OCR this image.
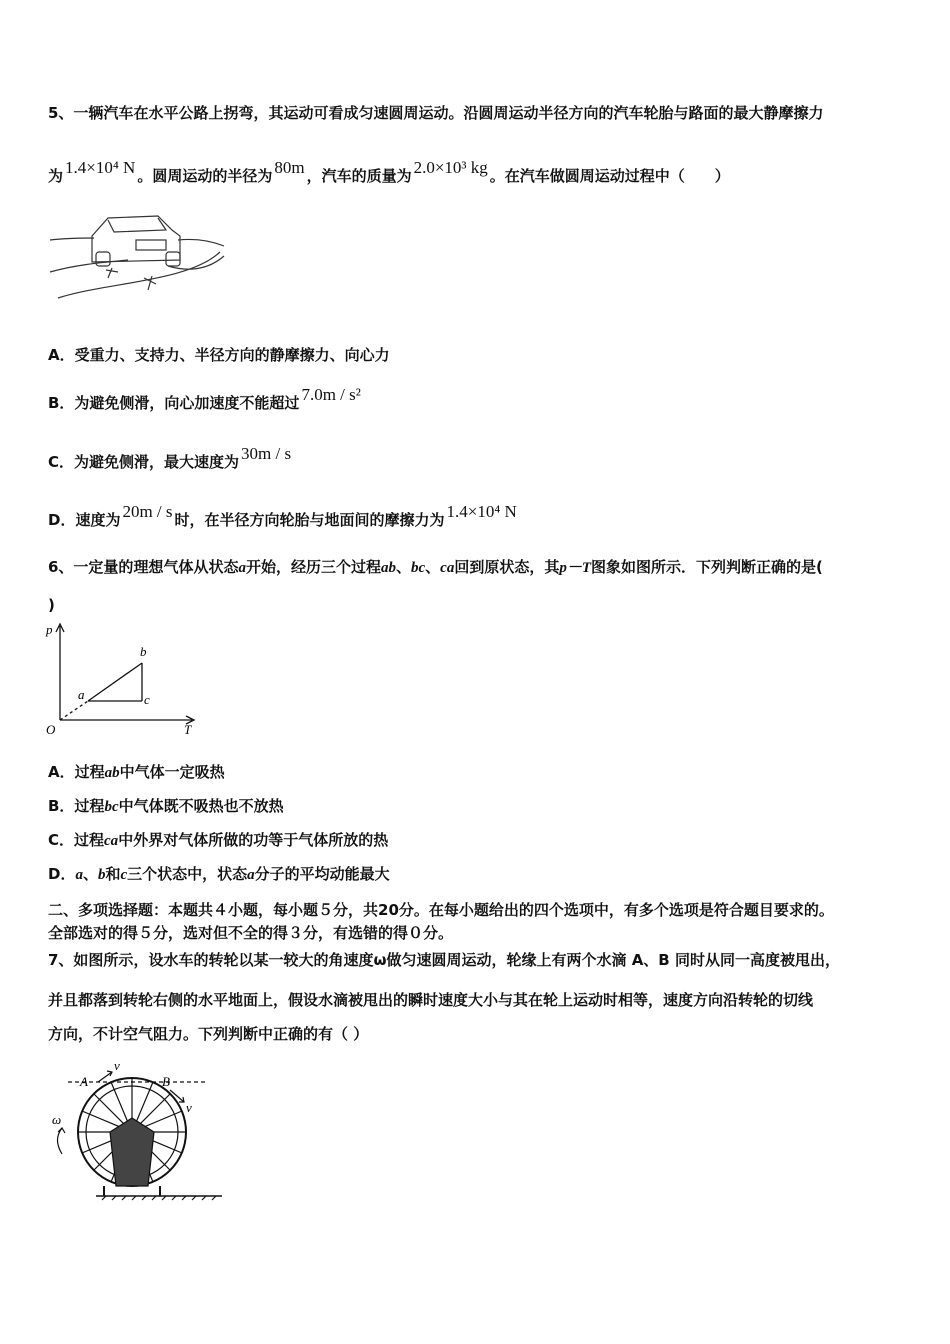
5、一辆汽车在水平公路上拐弯，其运动可看成匀速圆周运动。沿圆周运动半径方向的汽车轮胎与路面的最大静摩擦力
为 1.4×10⁴ N 。圆周运动的半径为 80m ，汽车的质量为 2.0×10³ kg 。在汽车做圆周运动过程中（　　）
A．受重力、支持力、半径方向的静摩擦力、向心力
B．为避免侧滑，向心加速度不能超过 7.0m / s²
C．为避免侧滑，最大速度为 30m / s
D．速度为 20m / s 时，在半径方向轮胎与地面间的摩擦力为 1.4×10⁴ N
6、一定量的理想气体从状态a开始，经历三个过程ab、bc、ca回到原状态，其p－T图象如图所示．下列判断正确的是(
)
p
T
O
a
b
c
A．过程ab中气体一定吸热
B．过程bc中气体既不吸热也不放热
C．过程ca中外界对气体所做的功等于气体所放的热
D．a、b和c三个状态中，状态a分子的平均动能最大
二、多项选择题：本题共４小题，每小题５分，共20分。在每小题给出的四个选项中，有多个选项是符合题目要求的。
全部选对的得５分，选对但不全的得３分，有选错的得０分。
7、如图所示，设水车的转轮以某一较大的角速度ω做匀速圆周运动，轮缘上有两个水滴 A、B 同时从同一高度被甩出，
并且都落到转轮右侧的水平地面上，假设水滴被甩出的瞬时速度大小与其在轮上运动时相等，速度方向沿转轮的切线
方向，不计空气阻力。下列判断中正确的有（ ）
A	B
v
v
ω
